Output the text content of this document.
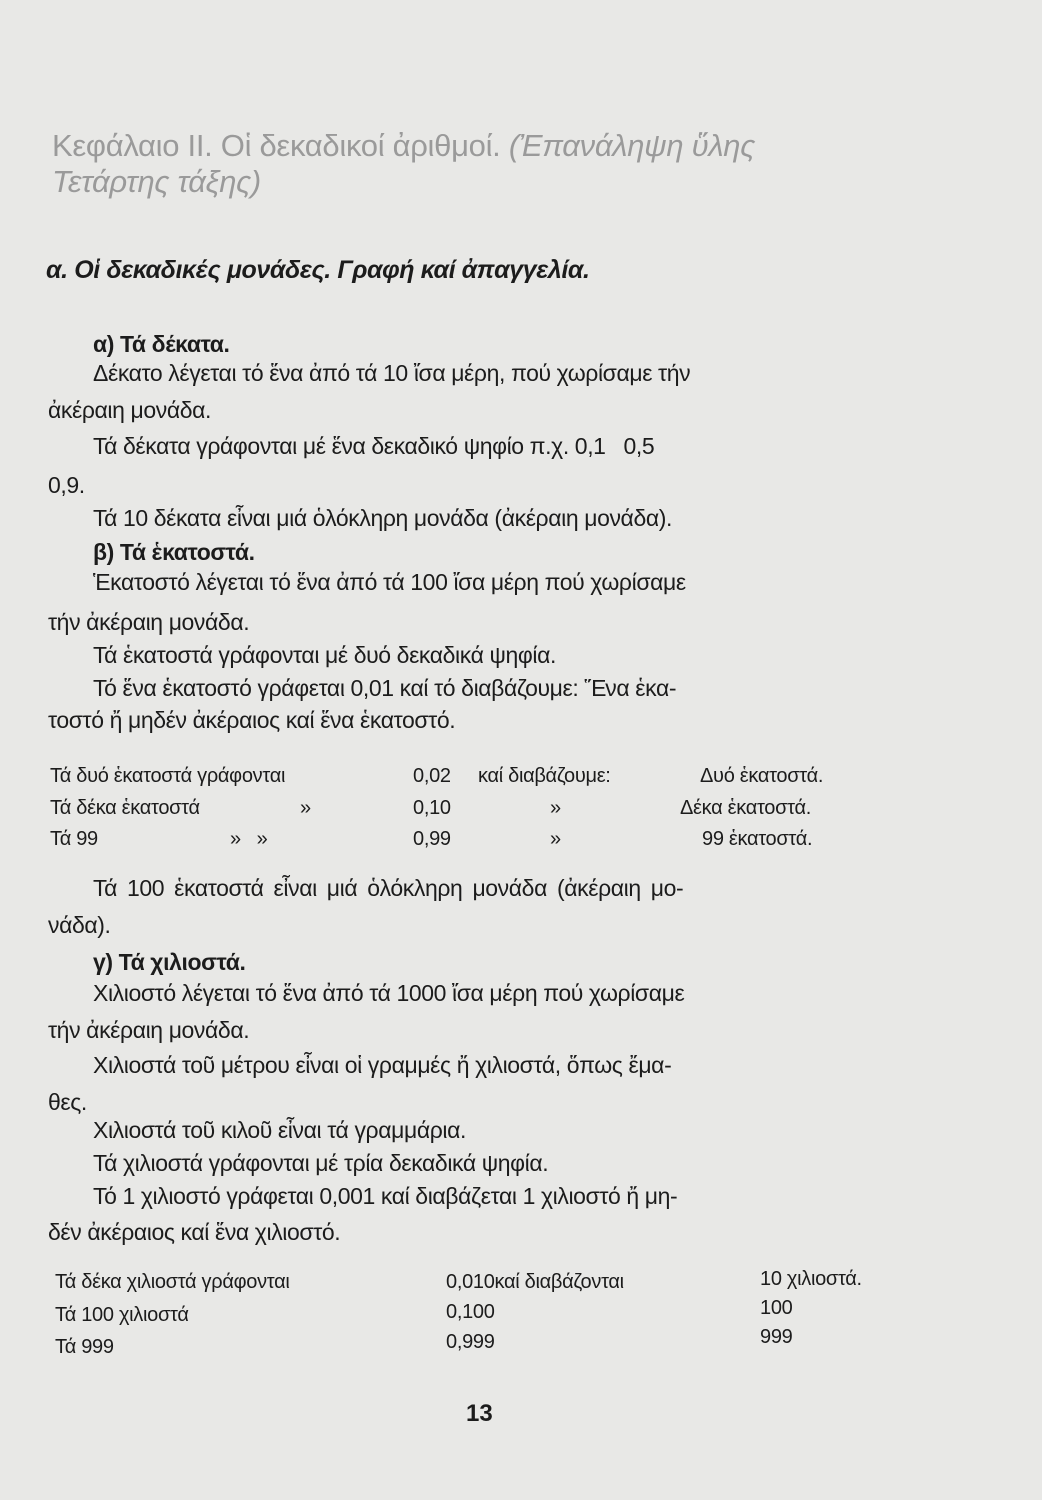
Κεφάλαιο ΙΙ. Οἱ δεκαδικοί ἀριθμοί. (Ἐπανάληψη ὕλης
Τετάρτης τάξης)
α. Οἱ δεκαδικές μονάδες. Γραφή καί ἀπαγγελία.
α) Τά δέκατα.
Δέκατο λέγεται τό ἕνα ἀπό τά 10 ἴσα μέρη, πού χωρίσαμε τήν
ἀκέραιη μονάδα.
Τά δέκατα γράφονται μέ ἕνα δεκαδικό ψηφίο π.χ. 0,1   0,5
0,9.
Τά 10 δέκατα εἶναι μιά ὁλόκληρη μονάδα (ἀκέραιη μονάδα).
β) Τά ἑκατοστά.
Ἑκατοστό λέγεται τό ἕνα ἀπό τά 100 ἴσα μέρη πού χωρίσαμε
τήν ἀκέραιη μονάδα.
Τά ἑκατοστά γράφονται μέ δυό δεκαδικά ψηφία.
Τό ἕνα ἑκατοστό γράφεται 0,01 καί τό διαβάζουμε: Ἕνα ἑκα-
τοστό ἤ μηδέν ἀκέραιος καί ἕνα ἑκατοστό.
Τά δυό ἑκατοστά γράφονται	0,02 καί διαβάζουμε:	Δυό ἑκατοστά.
Τά δέκα ἑκατοστά	»	0,10	»	Δέκα ἑκατοστά.
Τά 99	»   »	0,99	»	99 ἑκατοστά.
Τά 100 ἑκατοστά εἶναι μιά ὁλόκληρη μονάδα (ἀκέραιη μο-
νάδα).
γ) Τά χιλιοστά.
Χιλιοστό λέγεται τό ἕνα ἀπό τά 1000 ἴσα μέρη πού χωρίσαμε
τήν ἀκέραιη μονάδα.
Χιλιοστά τοῦ μέτρου εἶναι οἱ γραμμές ἤ χιλιοστά, ὅπως ἔμα-
θες.
Χιλιοστά τοῦ κιλοῦ εἶναι τά γραμμάρια.
Τά χιλιοστά γράφονται μέ τρία δεκαδικά ψηφία.
Τό 1 χιλιοστό γράφεται 0,001 καί διαβάζεται 1 χιλιοστό ἤ μη-
δέν ἀκέραιος καί ἕνα χιλιοστό.
Τά δέκα χιλιοστά γράφονται	0,010καί διαβάζονται	10 χιλιοστά.
Τά 100 χιλιοστά	0,100	100
Τά 999	0,999	999
13
